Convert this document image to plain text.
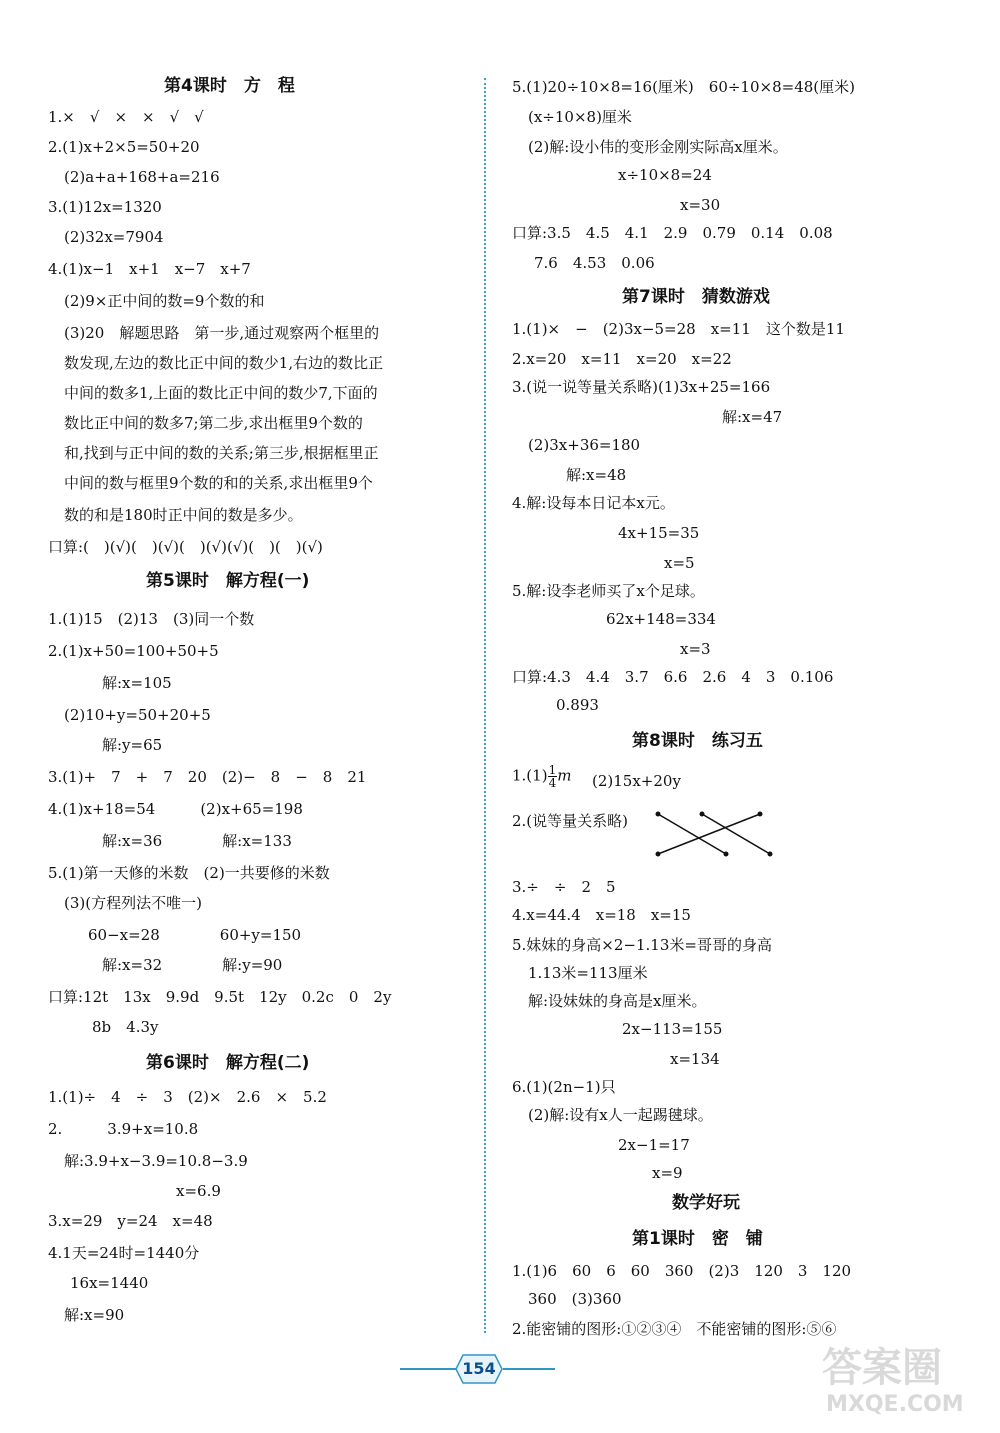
第4课时　方　程
1.×　√　×　×　√　√
2.(1)x+2×5=50+20
(2)a+a+168+a=216
3.(1)12x=1320
(2)32x=7904
4.(1)x−1　x+1　x−7　x+7
(2)9×正中间的数=9个数的和
(3)20　解题思路　第一步,通过观察两个框里的
数发现,左边的数比正中间的数少1,右边的数比正
中间的数多1,上面的数比正中间的数少7,下面的
数比正中间的数多7;第二步,求出框里9个数的
和,找到与正中间的数的关系;第三步,根据框里正
中间的数与框里9个数的和的关系,求出框里9个
数的和是180时正中间的数是多少。
口算:(　)(√)(　)(√)(　)(√)(√)(　)(　)(√)
第5课时　解方程(一)
1.(1)15　(2)13　(3)同一个数
2.(1)x+50=100+50+5
解:x=105
(2)10+y=50+20+5
解:y=65
3.(1)+　7　+　7　20　(2)−　8　−　8　21
4.(1)x+18=54　　　(2)x+65=198
解:x=36　　　　解:x=133
5.(1)第一天修的米数　(2)一共要修的米数
(3)(方程列法不唯一)
60−x=28　　　　60+y=150
解:x=32　　　　解:y=90
口算:12t　13x　9.9d　9.5t　12y　0.2c　0　2y
8b　4.3y
第6课时　解方程(二)
1.(1)÷　4　÷　3　(2)×　2.6　×　5.2
2.　　　3.9+x=10.8
解:3.9+x−3.9=10.8−3.9
x=6.9
3.x=29　y=24　x=48
4.1天=24时=1440分
16x=1440
解:x=90
$1.(1) \frac{1}{4}$ m
5.(1)20÷10×8=16(厘米)　60÷10×8=48(厘米)
(x÷10×8)厘米
(2)解:设小伟的变形金刚实际高x厘米。
x÷10×8=24
x=30
口算:3.5　4.5　4.1　2.9　0.79　0.14　0.08
7.6　4.53　0.06
第7课时　猜数游戏
1.(1)×　−　(2)3x−5=28　x=11　这个数是11
2.x=20　x=11　x=20　x=22
3.(说一说等量关系略)(1)3x+25=166
解:x=47
(2)3x+36=180
解:x=48
4.解:设每本日记本x元。
4x+15=35
x=5
5.解:设李老师买了x个足球。
62x+148=334
x=3
口算:4.3　4.4　3.7　6.6　2.6　4　3　0.106
0.893
第8课时　练习五
(2)15x+20y
2.(说等量关系略)
3.÷　÷　2　5
4.x=44.4　x=18　x=15
5.妹妹的身高×2−1.13米=哥哥的身高
1.13米=113厘米
解:设妹妹的身高是x厘米。
2x−113=155
x=134
6.(1)(2n−1)只
(2)解:设有x人一起踢毽球。
2x−1=17
x=9
数学好玩
第1课时　密　铺
1.(1)6　60　6　60　360　(2)3　120　3　120
360　(3)360
2.能密铺的图形:①②③④　不能密铺的图形:⑤⑥
154	答案圈
MXQE.COM
